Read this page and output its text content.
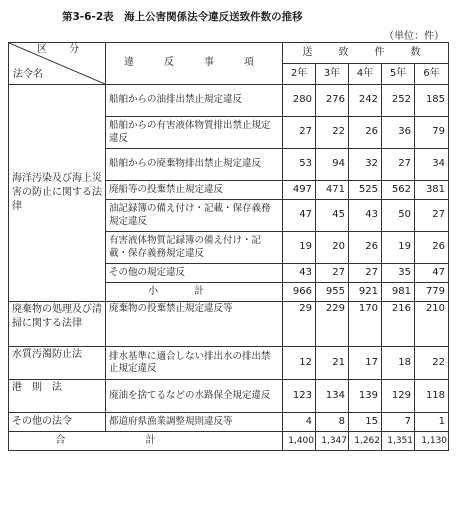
第3-6-2表　海上公害関係法令違反送致件数の推移
（単位：件）
区　分
法令名	違　反　事　項	送　致　件　数				
		2年	3年	4年	5年	6年
海洋汚染及び海上災害の防止に関する法律	船舶からの油排出禁止規定違反	280	276	242	252	185
	船舶からの有害液体物質排出禁止規定違反	27	22	26	36	79
	船舶からの廃棄物排出禁止規定違反	53	94	32	27	34
	廃船等の投棄禁止規定違反	497	471	525	562	381
	油記録簿の備え付け・記載・保存義務規定違反	47	45	43	50	27
	有害液体物質記録簿の備え付け・記載・保存義務規定違反	19	20	26	19	26
	その他の規定違反	43	27	27	35	47
	小計	966	955	921	981	779
廃棄物の処理及び清掃に関する法律	廃棄物の投棄禁止規定違反等	29	229	170	216	210
水質汚濁防止法	排水基準に適合しない排出水の排出禁止規定違反	12	21	17	18	22
港則法	廃油を捨てるなどの水路保全規定違反	123	134	139	129	118
その他の法令	都道府県漁業調整規則違反等	4	8	15	7	1
合計		1,400	1,347	1,262	1,351	1,130
